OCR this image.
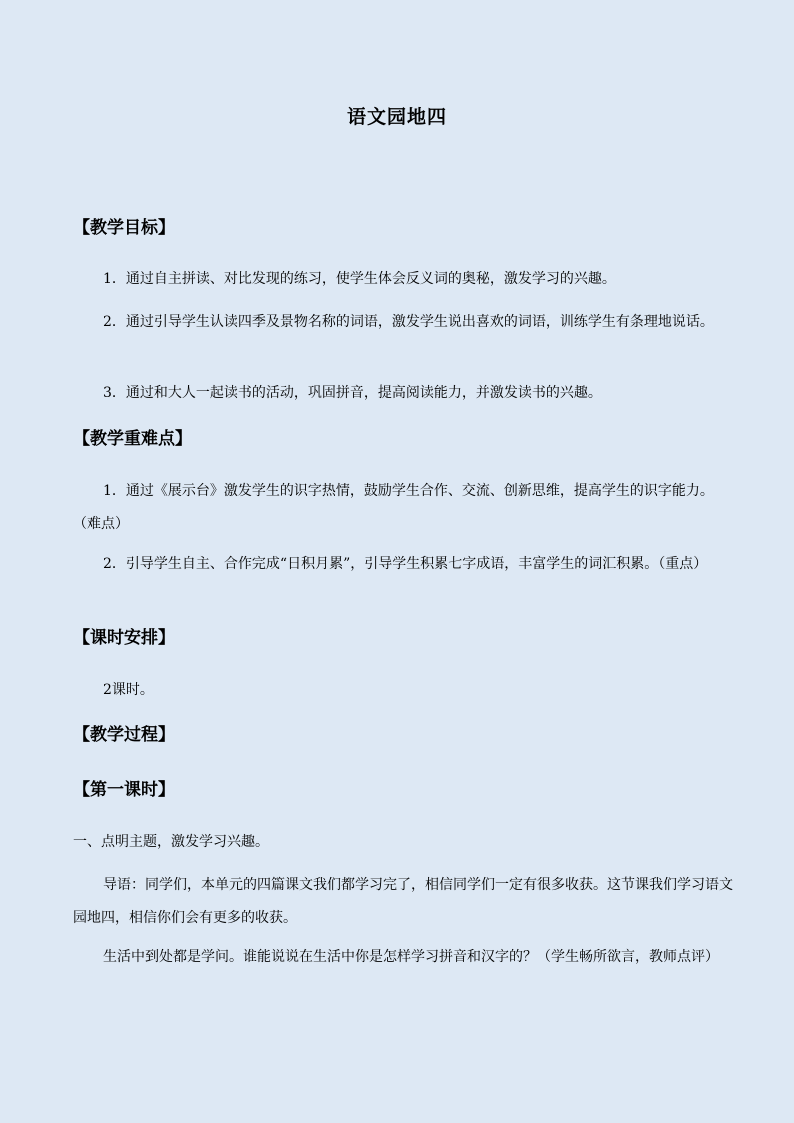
语文园地四
【教学目标】
1．通过自主拼读、对比发现的练习，使学生体会反义词的奥秘，激发学习的兴趣。
2．通过引导学生认读四季及景物名称的词语，激发学生说出喜欢的词语，训练学生有条理地说话。
3．通过和大人一起读书的活动，巩固拼音，提高阅读能力，并激发读书的兴趣。
【教学重难点】
1．通过《展示台》激发学生的识字热情，鼓励学生合作、交流、创新思维，提高学生的识字能力。（难点）
2．引导学生自主、合作完成“日积月累”，引导学生积累七字成语，丰富学生的词汇积累。（重点）
【课时安排】
2课时。
【教学过程】
【第一课时】
一、点明主题，激发学习兴趣。
导语：同学们，本单元的四篇课文我们都学习完了，相信同学们一定有很多收获。这节课我们学习语文园地四，相信你们会有更多的收获。
生活中到处都是学问。谁能说说在生活中你是怎样学习拼音和汉字的？（学生畅所欲言，教师点评）
